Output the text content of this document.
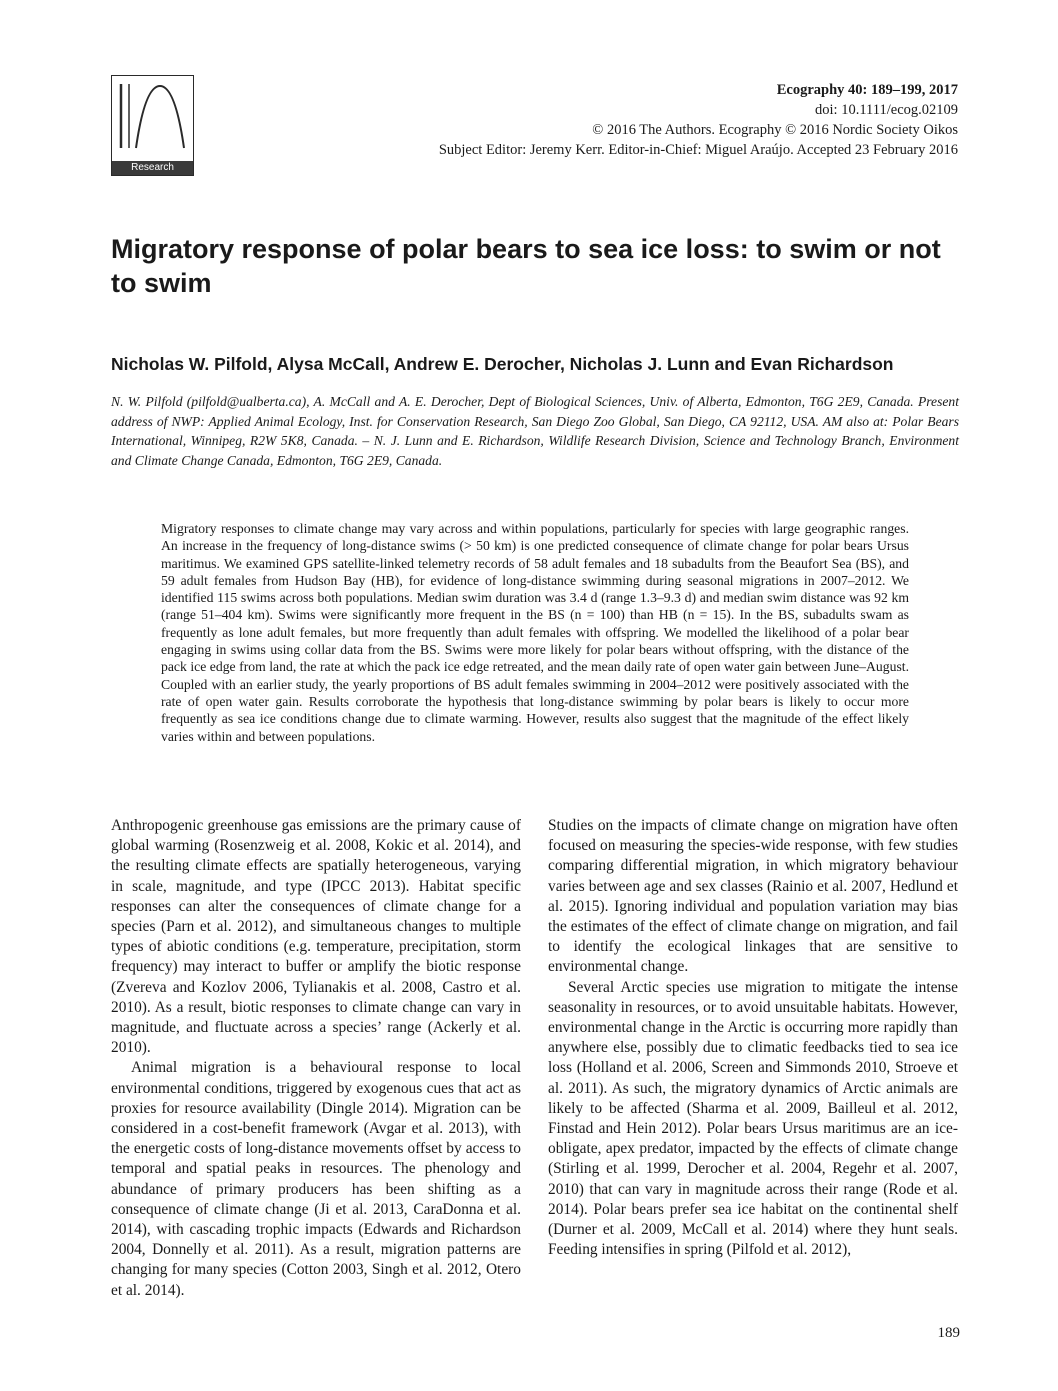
Research
Ecography 40: 189–199, 2017
doi: 10.1111/ecog.02109
© 2016 The Authors. Ecography © 2016 Nordic Society Oikos
Subject Editor: Jeremy Kerr. Editor-in-Chief: Miguel Araújo. Accepted 23 February 2016
Migratory response of polar bears to sea ice loss: to swim or not to swim
Nicholas W. Pilfold, Alysa McCall, Andrew E. Derocher, Nicholas J. Lunn and Evan Richardson
N. W. Pilfold (pilfold@ualberta.ca), A. McCall and A. E. Derocher, Dept of Biological Sciences, Univ. of Alberta, Edmonton, T6G 2E9, Canada. Present address of NWP: Applied Animal Ecology, Inst. for Conservation Research, San Diego Zoo Global, San Diego, CA 92112, USA. AM also at: Polar Bears International, Winnipeg, R2W 5K8, Canada. – N. J. Lunn and E. Richardson, Wildlife Research Division, Science and Technology Branch, Environment and Climate Change Canada, Edmonton, T6G 2E9, Canada.
Migratory responses to climate change may vary across and within populations, particularly for species with large geographic ranges. An increase in the frequency of long-distance swims (> 50 km) is one predicted consequence of climate change for polar bears Ursus maritimus. We examined GPS satellite-linked telemetry records of 58 adult females and 18 subadults from the Beaufort Sea (BS), and 59 adult females from Hudson Bay (HB), for evidence of long-distance swimming during seasonal migrations in 2007–2012. We identified 115 swims across both populations. Median swim duration was 3.4 d (range 1.3–9.3 d) and median swim distance was 92 km (range 51–404 km). Swims were significantly more frequent in the BS (n = 100) than HB (n = 15). In the BS, subadults swam as frequently as lone adult females, but more frequently than adult females with offspring. We modelled the likelihood of a polar bear engaging in swims using collar data from the BS. Swims were more likely for polar bears without offspring, with the distance of the pack ice edge from land, the rate at which the pack ice edge retreated, and the mean daily rate of open water gain between June–August. Coupled with an earlier study, the yearly proportions of BS adult females swimming in 2004–2012 were positively associated with the rate of open water gain. Results corroborate the hypothesis that long-distance swimming by polar bears is likely to occur more frequently as sea ice conditions change due to climate warming. However, results also suggest that the magnitude of the effect likely varies within and between populations.

Anthropogenic greenhouse gas emissions are the primary cause of global warming (Rosenzweig et al. 2008, Kokic et al. 2014), and the resulting climate effects are spatially heterogeneous, varying in scale, magnitude, and type (IPCC 2013). Habitat specific responses can alter the consequences of climate change for a species (Parn et al. 2012), and simultaneous changes to multiple types of abiotic conditions (e.g. temperature, precipitation, storm frequency) may interact to buffer or amplify the biotic response (Zvereva and Kozlov 2006, Tylianakis et al. 2008, Castro et al. 2010). As a result, biotic responses to climate change can vary in magnitude, and fluctuate across a species’ range (Ackerly et al. 2010).

Animal migration is a behavioural response to local environmental conditions, triggered by exogenous cues that act as proxies for resource availability (Dingle 2014). Migration can be considered in a cost-benefit framework (Avgar et al. 2013), with the energetic costs of long-distance movements offset by access to temporal and spatial peaks in resources. The phenology and abundance of primary producers has been shifting as a consequence of climate change (Ji et al. 2013, CaraDonna et al. 2014), with cascading trophic impacts (Edwards and Richardson 2004, Donnelly et al. 2011). As a result, migration patterns are changing for many species (Cotton 2003, Singh et al. 2012, Otero et al. 2014).

Studies on the impacts of climate change on migration have often focused on measuring the species-wide response, with few studies comparing differential migration, in which migratory behaviour varies between age and sex classes (Rainio et al. 2007, Hedlund et al. 2015). Ignoring individual and population variation may bias the estimates of the effect of climate change on migration, and fail to identify the ecological linkages that are sensitive to environmental change.

Several Arctic species use migration to mitigate the intense seasonality in resources, or to avoid unsuitable habitats. However, environmental change in the Arctic is occurring more rapidly than anywhere else, possibly due to climatic feedbacks tied to sea ice loss (Holland et al. 2006, Screen and Simmonds 2010, Stroeve et al. 2011). As such, the migratory dynamics of Arctic animals are likely to be affected (Sharma et al. 2009, Bailleul et al. 2012, Finstad and Hein 2012). Polar bears Ursus maritimus are an ice-obligate, apex predator, impacted by the effects of climate change (Stirling et al. 1999, Derocher et al. 2004, Regehr et al. 2007, 2010) that can vary in magnitude across their range (Rode et al. 2014). Polar bears prefer sea ice habitat on the continental shelf (Durner et al. 2009, McCall et al. 2014) where they hunt seals. Feeding intensifies in spring (Pilfold et al. 2012),

189
